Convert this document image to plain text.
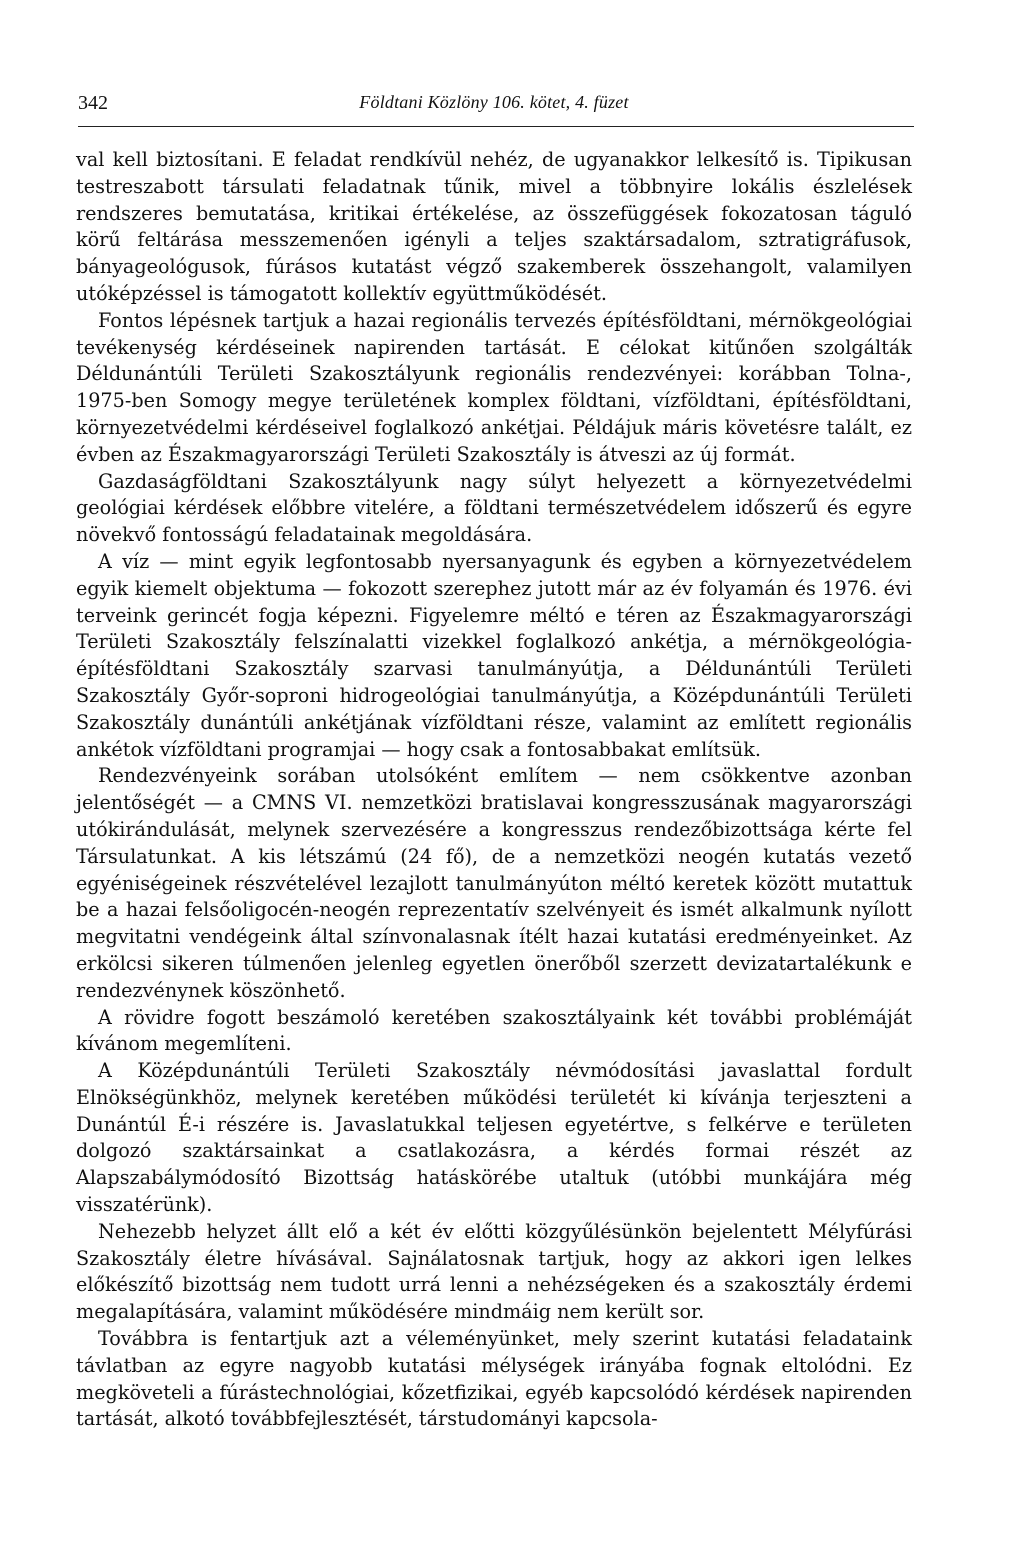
342	Földtani Közlöny 106. kötet, 4. füzet

val kell biztosítani. E feladat rendkívül nehéz, de ugyanakkor lelkesítő is. Tipikusan testreszabott társulati feladatnak tűnik, mivel a többnyire lokális észlelések rendszeres bemutatása, kritikai értékelése, az összefüggések fokozatosan táguló körű feltárása messzemenően igényli a teljes szaktársadalom, sztratigráfusok, bányageológusok, fúrásos kutatást végző szakemberek összehangolt, valamilyen utóképzéssel is támogatott kollektív együttműködését.

Fontos lépésnek tartjuk a hazai regionális tervezés építésföldtani, mérnökgeológiai tevékenység kérdéseinek napirenden tartását. E célokat kitűnően szolgálták Déldunántúli Területi Szakosztályunk regionális rendezvényei: korábban Tolna-, 1975-ben Somogy megye területének komplex földtani, vízföldtani, építésföldtani, környezetvédelmi kérdéseivel foglalkozó ankétjai. Példájuk máris követésre talált, ez évben az Északmagyarországi Területi Szakosztály is átveszi az új formát.

Gazdaságföldtani Szakosztályunk nagy súlyt helyezett a környezetvédelmi geológiai kérdések előbbre vitelére, a földtani természetvédelem időszerű és egyre növekvő fontosságú feladatainak megoldására.

A víz — mint egyik legfontosabb nyersanyagunk és egyben a környezetvédelem egyik kiemelt objektuma — fokozott szerephez jutott már az év folyamán és 1976. évi terveink gerincét fogja képezni. Figyelemre méltó e téren az Északmagyarországi Területi Szakosztály felszínalatti vizekkel foglalkozó ankétja, a mérnökgeológia-építésföldtani Szakosztály szarvasi tanulmányútja, a Déldunántúli Területi Szakosztály Győr-soproni hidrogeológiai tanulmányútja, a Középdunántúli Területi Szakosztály dunántúli ankétjának vízföldtani része, valamint az említett regionális ankétok vízföldtani programjai — hogy csak a fontosabbakat említsük.

Rendezvényeink sorában utolsóként említem — nem csökkentve azonban jelentőségét — a CMNS VI. nemzetközi bratislavai kongresszusának magyarországi utókirándulását, melynek szervezésére a kongresszus rendezőbizottsága kérte fel Társulatunkat. A kis létszámú (24 fő), de a nemzetközi neogén kutatás vezető egyéniségeinek részvételével lezajlott tanulmányúton méltó keretek között mutattuk be a hazai felsőoligocén-neogén reprezentatív szelvényeit és ismét alkalmunk nyílott megvitatni vendégeink által színvonalasnak ítélt hazai kutatási eredményeinket. Az erkölcsi sikeren túlmenően jelenleg egyetlen önerőből szerzett devizatartalékunk e rendezvénynek köszönhető.

A rövidre fogott beszámoló keretében szakosztályaink két további problémáját kívánom megemlíteni.

A Középdunántúli Területi Szakosztály névmódosítási javaslattal fordult Elnökségünkhöz, melynek keretében működési területét ki kívánja terjeszteni a Dunántúl É-i részére is. Javaslatukkal teljesen egyetértve, s felkérve e területen dolgozó szaktársainkat a csatlakozásra, a kérdés formai részét az Alapszabálymódosító Bizottság hatáskörébe utaltuk (utóbbi munkájára még visszatérünk).

Nehezebb helyzet állt elő a két év előtti közgyűlésünkön bejelentett Mélyfúrási Szakosztály életre hívásával. Sajnálatosnak tartjuk, hogy az akkori igen lelkes előkészítő bizottság nem tudott urrá lenni a nehézségeken és a szakosztály érdemi megalapítására, valamint működésére mindmáig nem került sor.

Továbbra is fentartjuk azt a véleményünket, mely szerint kutatási feladataink távlatban az egyre nagyobb kutatási mélységek irányába fognak eltolódni. Ez megköveteli a fúrástechnológiai, kőzetfizikai, egyéb kapcsolódó kérdések napirenden tartását, alkotó továbbfejlesztését, társtudományi kapcsola-
